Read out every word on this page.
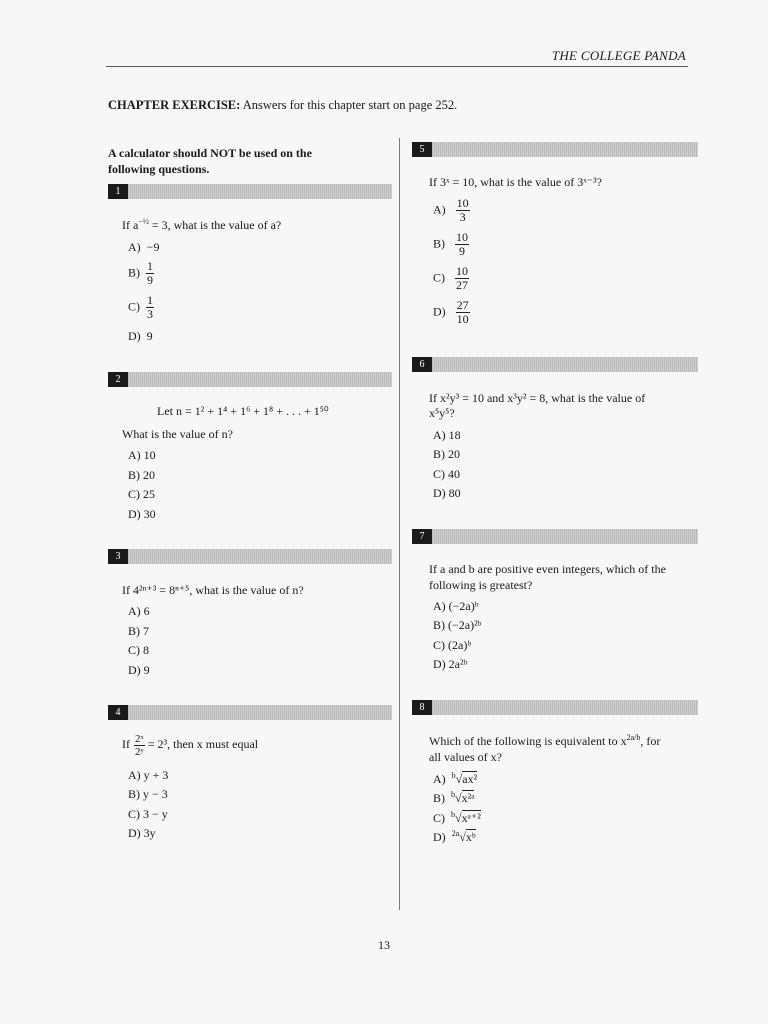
THE COLLEGE PANDA
CHAPTER EXERCISE: Answers for this chapter start on page 252.
A calculator should NOT be used on the following questions.
1
If $a^{-\frac{1}{2}} = 3$, what is the value of a?
A) −9
$B) \frac{1}{9}$
$C) \frac{1}{3}$
D) 9
2
Let n = 1² + 1⁴ + 1⁶ + 1⁸ + . . . + 1⁵⁰
What is the value of n?
A) 10
B) 20
C) 25
D) 30
3
If 4²ⁿ⁺³ = 8ⁿ⁺⁵, what is the value of n?
A) 6
B) 7
C) 8
D) 9
4
If $\frac{\text{2ˣ}}{\text{2ʸ}} = 2^3$, then x must equal
A) y + 3
B) y − 3
C) 3 − y
D) 3y
5
If 3ˣ = 10, what is the value of 3ˣ⁻³?
$A) \frac{10}{3}$
$B) \frac{10}{9}$
$C) \frac{10}{27}$
$D) \frac{27}{10}$
6
If x²y³ = 10 and x³y² = 8, what is the value of
x⁵y⁵?
A) 18
B) 20
C) 40
D) 80
7
If a and b are positive even integers, which of the
following is greatest?
A) (−2a)ᵇ
B) (−2a)²ᵇ
C) (2a)ᵇ
D) 2a²ᵇ
8
Which of the following is equivalent to $x^{2a/b}$, for
all values of x?
A) $^b$√ax²
B) $^b$√x²ᵃ
C) $^b$√xᵃ⁺²
D) $^{2a}$√xᵇ
13
